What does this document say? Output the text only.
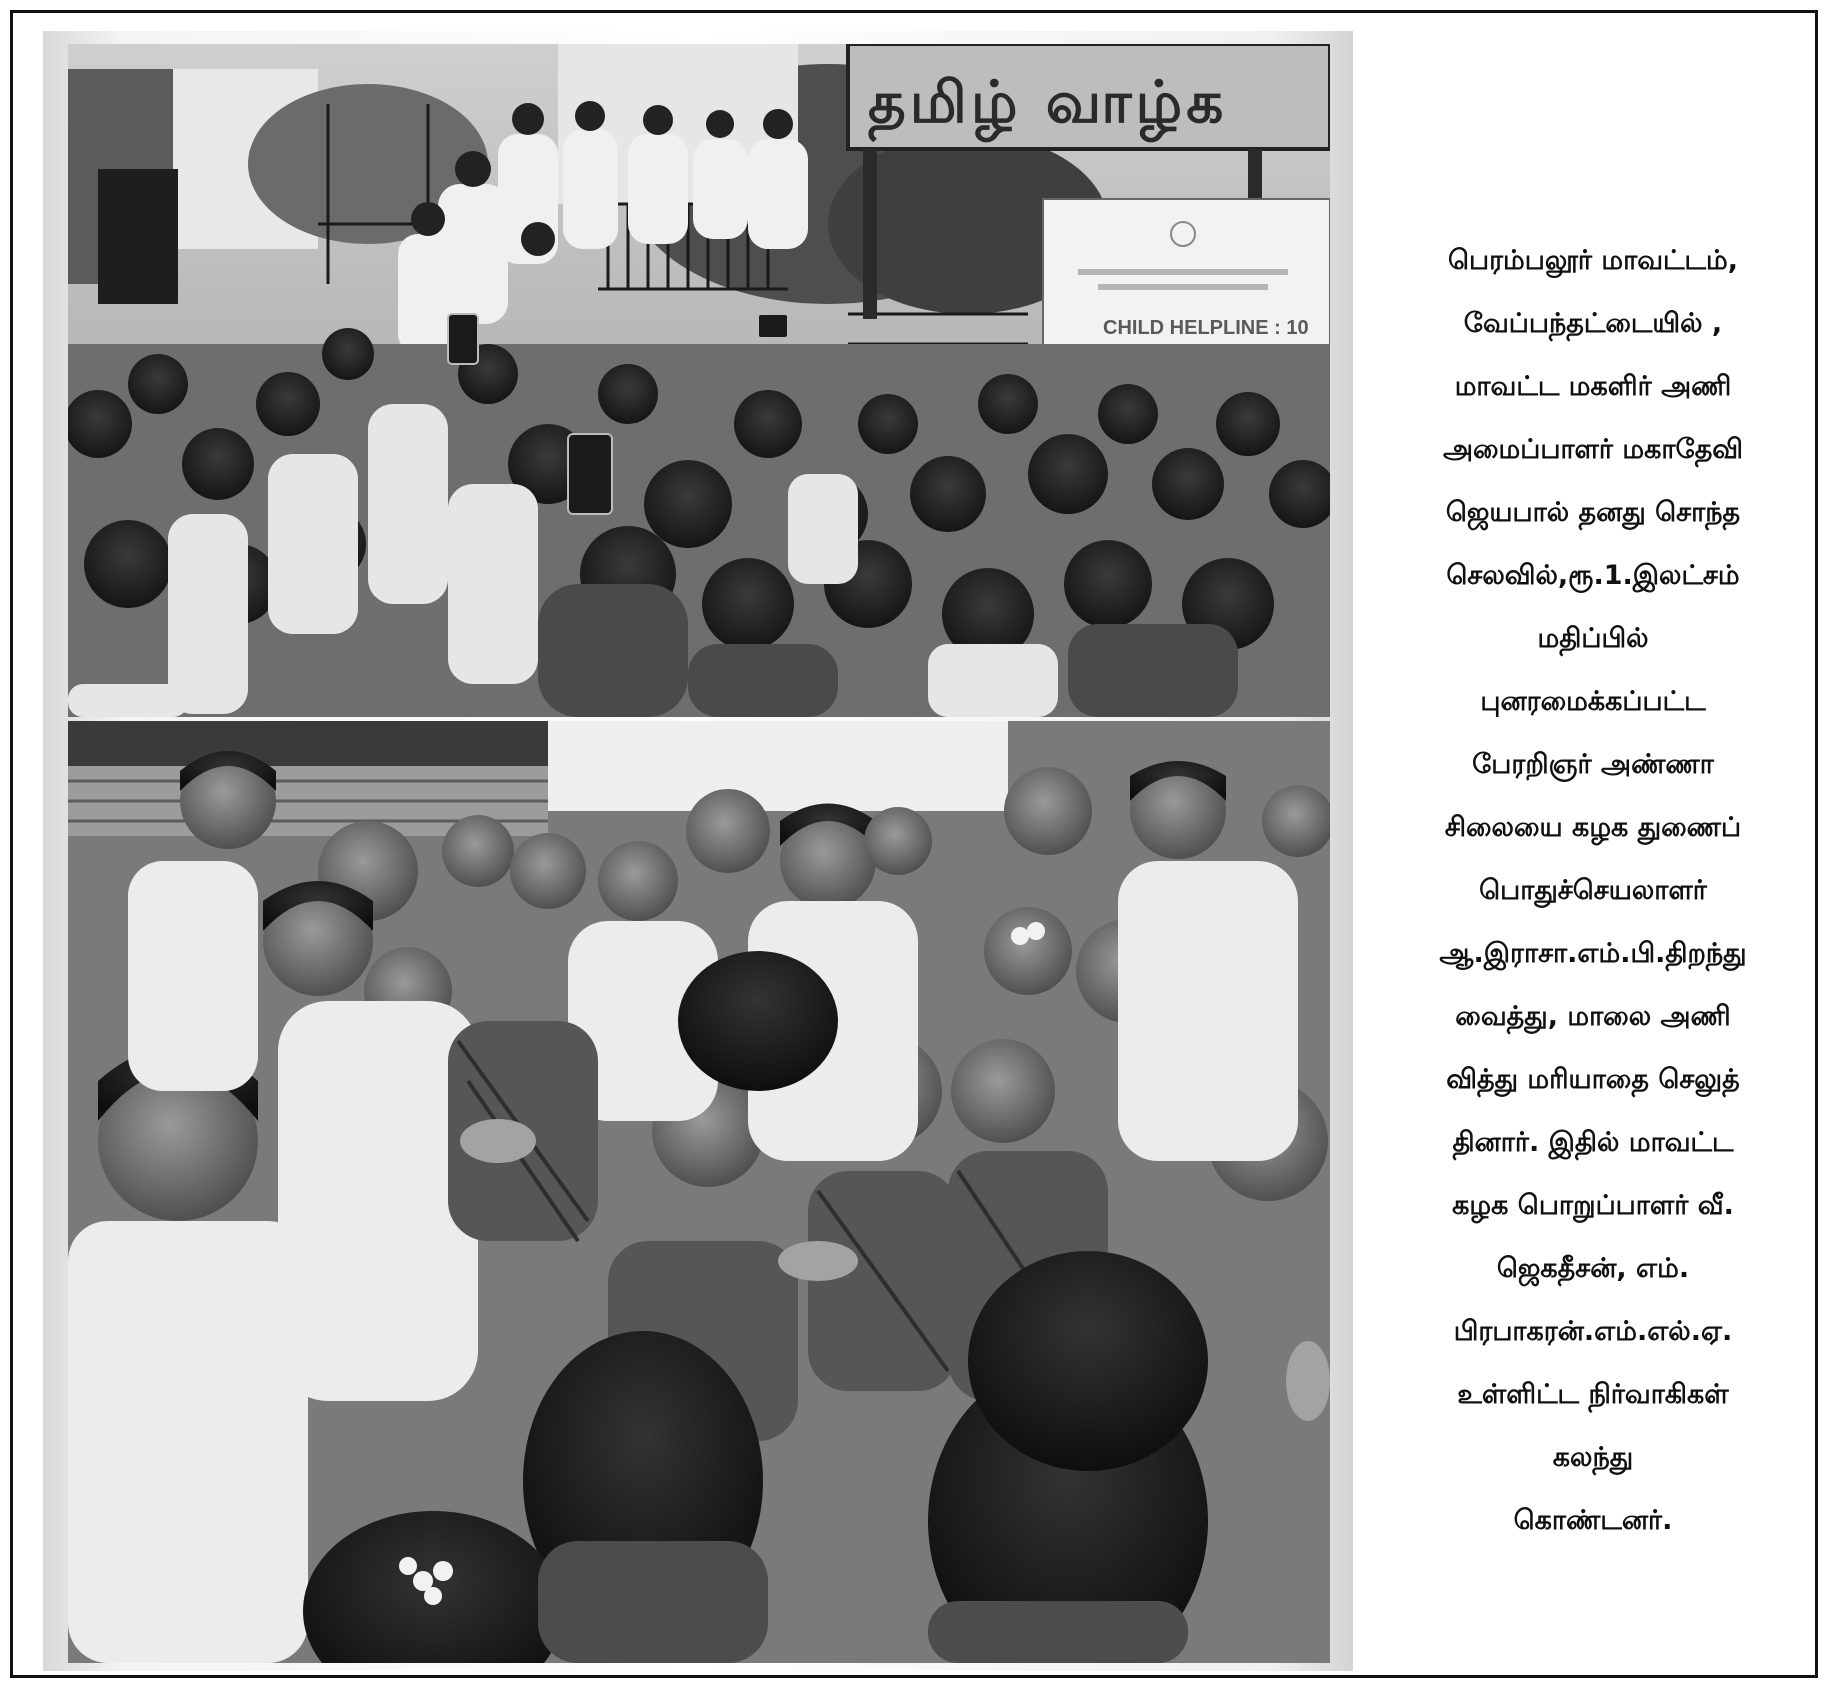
தமிழ் வாழ்க
CHILD HELPLINE : 10
பெரம்பலூர் மாவட்டம்,
வேப்பந்தட்டையில் ,
மாவட்ட மகளிர் அணி
அமைப்பாளர் மகாதேவி
ஜெயபால் தனது சொந்த
செலவில்,ரூ.1.இலட்சம்
மதிப்பில்
புனரமைக்கப்பட்ட
பேரறிஞர் அண்ணா
சிலையை கழக துணைப்
பொதுச்செயலாளர்
ஆ.இராசா.எம்.பி.திறந்து
வைத்து, மாலை அணி
வித்து மரியாதை செலுத்
தினார். இதில் மாவட்ட
கழக பொறுப்பாளர் வீ.
ஜெகதீசன், எம்.
பிரபாகரன்.எம்.எல்.ஏ.
உள்ளிட்ட நிர்வாகிகள்
கலந்து
கொண்டனர்.
